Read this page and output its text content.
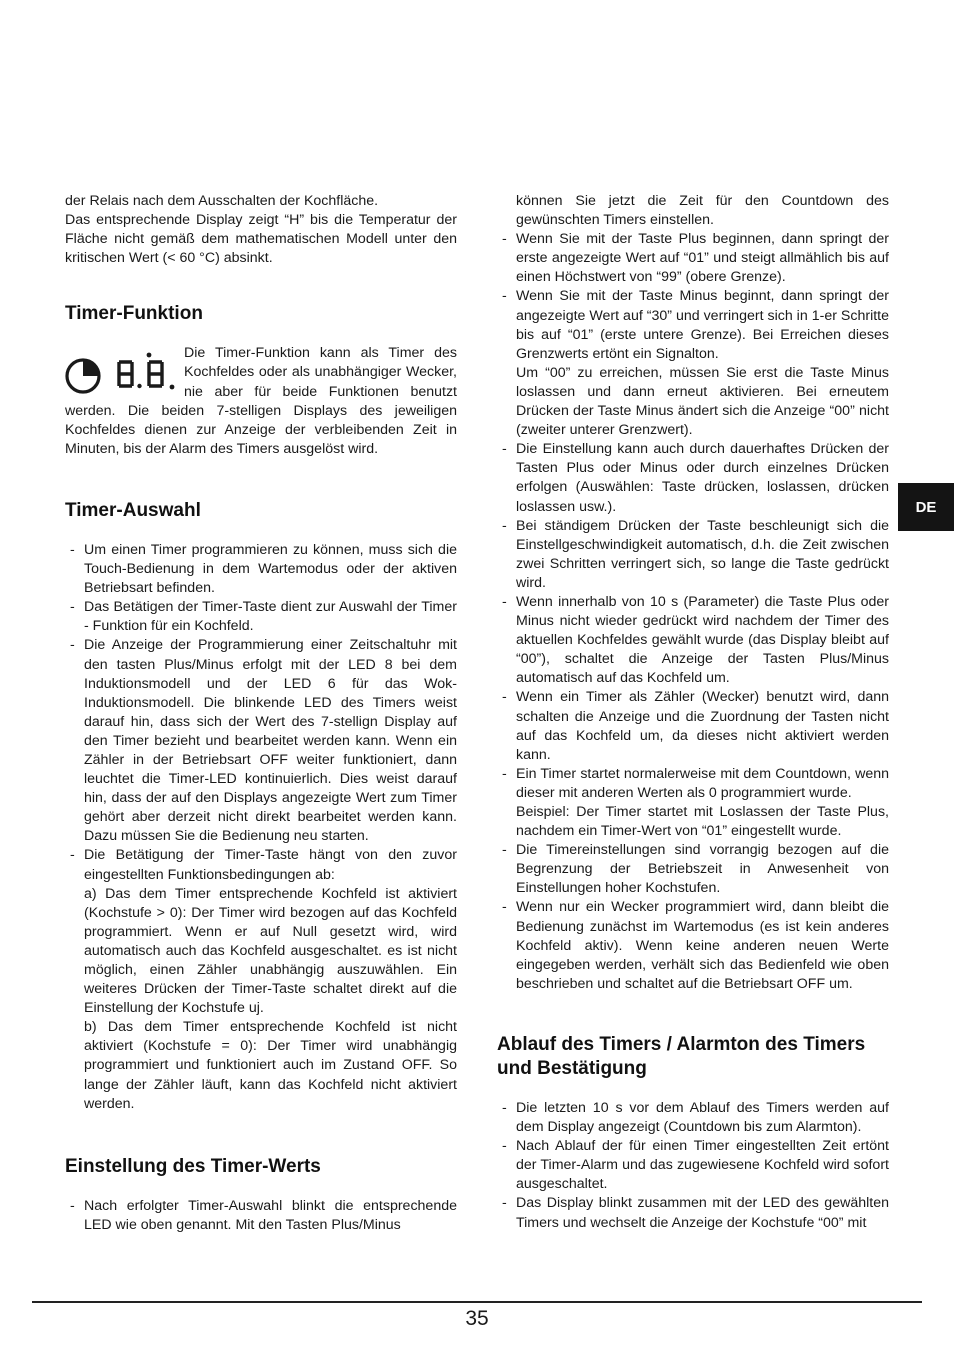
der Relais nach dem Ausschalten der Kochfläche.

Das entsprechende Display zeigt “H” bis die Temperatur der Fläche nicht gemäß dem mathematischen Modell unter den kritischen Wert (< 60 °C) absinkt.

Timer-Funktion

Die Timer-Funktion kann als Timer des Kochfeldes oder als unabhängiger Wecker, nie aber für beide Funktionen benutzt werden. Die beiden 7-stelligen Displays des jeweiligen Kochfeldes dienen zur Anzeige der verbleibenden Zeit in Minuten, bis der Alarm des Timers ausgelöst wird.

Timer-Auswahl
- Um einen Timer programmieren zu können, muss sich die Touch-Bedienung in dem Wartemodus oder der aktiven Betriebsart befinden.
- Das Betätigen der Timer-Taste dient zur Auswahl der Timer - Funktion für ein Kochfeld.
- Die Anzeige der Programmierung einer Zeitschaltuhr mit den tasten Plus/Minus erfolgt mit der LED 8 bei dem Induktionsmodell und der LED 6 für das Wok-Induktionsmodell. Die blinkende LED des Timers weist darauf hin, dass sich der Wert des 7-stellign Display auf den Timer bezieht und bearbeitet werden kann. Wenn ein Zähler in der Betriebsart OFF weiter funktioniert, dann leuchtet die Timer-LED kontinuierlich. Dies weist darauf hin, dass der auf den Displays angezeigte Wert zum Timer gehört aber derzeit nicht direkt bearbeitet werden kann. Dazu müssen Sie die Bedienung neu starten.
- Die Betätigung der Timer-Taste hängt von den zuvor eingestellten Funktionsbedingungen ab:
a) Das dem Timer entsprechende Kochfeld ist aktiviert (Kochstufe > 0): Der Timer wird bezogen auf das Kochfeld programmiert. Wenn er auf Null gesetzt wird, wird automatisch auch das Kochfeld ausgeschaltet. es ist nicht möglich, einen Zähler unabhängig auszuwählen. Ein weiteres Drücken der Timer-Taste schaltet direkt auf die Einstellung der Kochstufe uj.
b) Das dem Timer entsprechende Kochfeld ist nicht aktiviert (Kochstufe = 0): Der Timer wird unabhängig programmiert und funktioniert auch im Zustand OFF. So lange der Zähler läuft, kann das Kochfeld nicht aktiviert werden.
Einstellung des Timer-Werts
- Nach erfolgter Timer-Auswahl blinkt die entsprechende LED wie oben genannt. Mit den Tasten Plus/Minus

können Sie jetzt die Zeit für den Countdown des gewünschten Timers einstellen.

- Wenn Sie mit der Taste Plus beginnen, dann springt der erste angezeigte Wert auf “01” und steigt allmählich bis auf einen Höchstwert von “99” (obere Grenze).
- Wenn Sie mit der Taste Minus beginnt, dann springt der angezeigte Wert auf “30” und verringert sich in 1-er Schritte bis auf “01” (erste untere Grenze). Bei Erreichen dieses Grenzwerts ertönt ein Signalton.
Um “00” zu erreichen, müssen Sie erst die Taste Minus loslassen und dann erneut aktivieren. Bei erneutem Drücken der Taste Minus ändert sich die Anzeige “00” nicht (zweiter unterer Grenzwert).
- Die Einstellung kann auch durch dauerhaftes Drücken der Tasten Plus oder Minus oder durch einzelnes Drücken erfolgen (Auswählen: Taste drücken, loslassen, drücken loslassen usw.).
- Bei ständigem Drücken der Taste beschleunigt sich die Einstellgeschwindigkeit automatisch, d.h. die Zeit zwischen zwei Schritten verringert sich, so lange die Taste gedrückt wird.
- Wenn innerhalb von 10 s (Parameter) die Taste Plus oder Minus nicht wieder gedrückt wird nachdem der Timer des aktuellen Kochfeldes gewählt wurde (das Display bleibt auf “00”), schaltet die Anzeige der Tasten Plus/Minus automatisch auf das Kochfeld um.
- Wenn ein Timer als Zähler (Wecker) benutzt wird, dann schalten die Anzeige und die Zuordnung der Tasten nicht auf das Kochfeld um, da dieses nicht aktiviert werden kann.
- Ein Timer startet normalerweise mit dem Countdown, wenn dieser mit anderen Werten als 0 programmiert wurde.
Beispiel: Der Timer startet mit Loslassen der Taste Plus, nachdem ein Timer-Wert von “01” eingestellt wurde.
- Die Timereinstellungen sind vorrangig bezogen auf die Begrenzung der Betriebszeit in Anwesenheit von Einstellungen hoher Kochstufen.
- Wenn nur ein Wecker programmiert wird, dann bleibt die Bedienung zunächst im Wartemodus (es ist kein anderes Kochfeld aktiv). Wenn keine anderen neuen Werte eingegeben werden, verhält sich das Bedienfeld wie oben beschrieben und schaltet auf die Betriebsart OFF um.
Ablauf des Timers / Alarmton des Timers und Bestätigung
- Die letzten 10 s vor dem Ablauf des Timers werden auf dem Display angezeigt (Countdown bis zum Alarmton).
- Nach Ablauf der für einen Timer eingestellten Zeit ertönt der Timer-Alarm und das zugewiesene Kochfeld wird sofort ausgeschaltet.
- Das Display blinkt zusammen mit der LED des gewählten Timers und wechselt die Anzeige der Kochstufe “00” mit
DE
35
